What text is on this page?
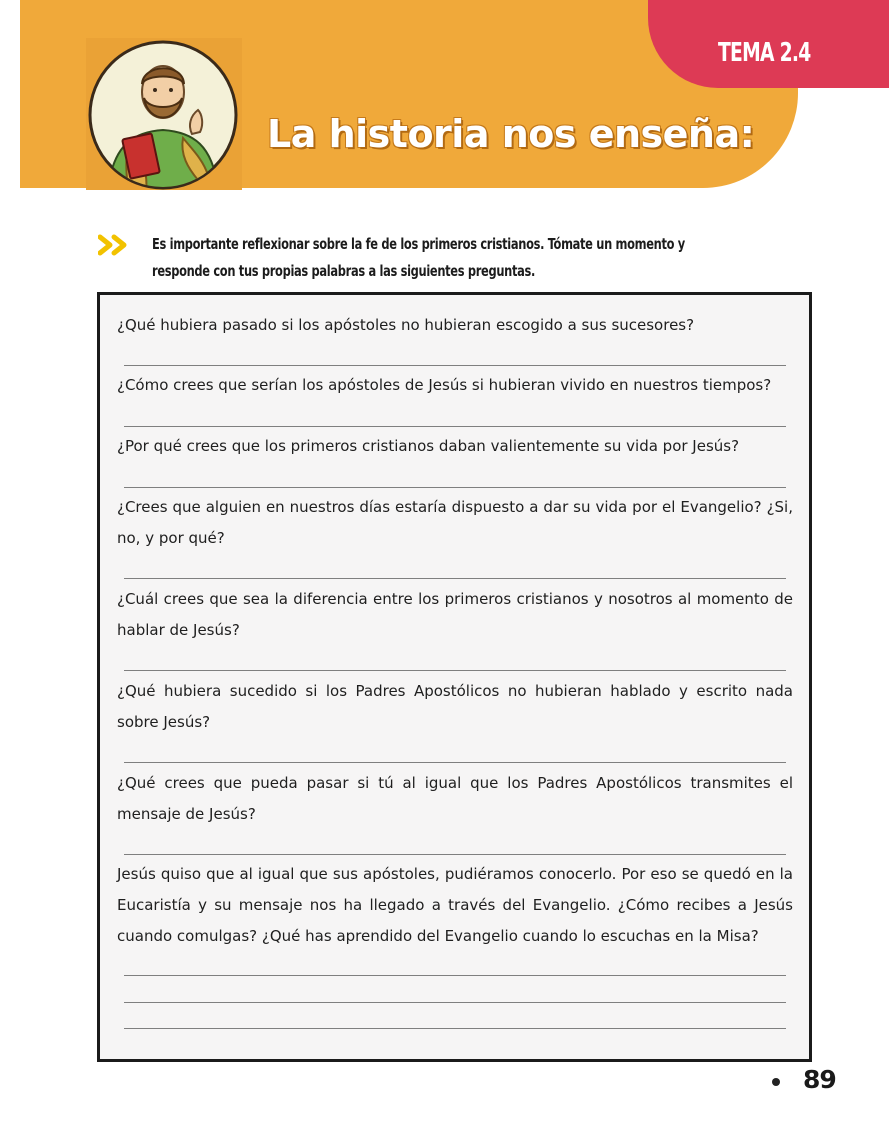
TEMA 2.4
La historia nos enseña:
Es importante reflexionar sobre la fe de los primeros cristianos. Tómate un momento y
responde con tus propias palabras a las siguientes preguntas.
¿Qué hubiera pasado si los apóstoles no hubieran escogido a sus sucesores?
¿Cómo crees que serían los apóstoles de Jesús si hubieran vivido en nuestros tiempos?
¿Por qué crees que los primeros cristianos daban valientemente su vida por Jesús?
¿Crees que alguien en nuestros días estaría dispuesto a dar su vida por el Evangelio? ¿Si, no, y por qué?
¿Cuál crees que sea la diferencia entre los primeros cristianos y nosotros al momento de hablar de Jesús?
¿Qué hubiera sucedido si los Padres Apostólicos no hubieran hablado y escrito nada sobre Jesús?
¿Qué crees que pueda pasar si tú al igual que los Padres Apostólicos transmites el mensaje de Jesús?
Jesús quiso que al igual que sus apóstoles, pudiéramos conocerlo. Por eso se quedó en la Eucaristía y su mensaje nos ha llegado a través del Evangelio. ¿Cómo recibes a Jesús cuando comulgas? ¿Qué has aprendido del Evangelio cuando lo escuchas en la Misa?
89
